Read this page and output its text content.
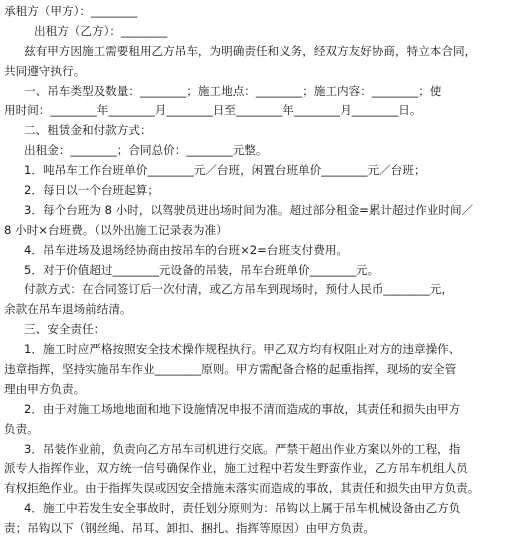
承租方（甲方）：________
出租方（乙方）：________
兹有甲方因施工需要租用乙方吊车，为明确责任和义务，经双方友好协商，特立本合同，
共同遵守执行。
一、吊车类型及数量：________；施工地点：________；施工内容：________；使
用时间：________年________月________日至________年________月________日。
二、租赁金和付款方式：
出租金：________；合同总价：________元整。
1．吨吊车工作台班单价________元／台班，闲置台班单价________元／台班；
2．每日以一个台班起算；
3．每个台班为 8 小时，以驾驶员进出场时间为准。超过部分租金=累计超过作业时间／
8 小时×台班费。（以外出施工记录表为准）
4．吊车进场及退场经协商由按吊车的台班×2=台班支付费用。
5．对于价值超过________元设备的吊装，吊车台班单价________元。
付款方式：在合同签订后一次付清，或乙方吊车到现场时，预付人民币________元，
余款在吊车退场前结清。
三、安全责任：
1．施工时应严格按照安全技术操作规程执行。甲乙双方均有权阻止对方的违章操作、
违章指挥，坚持实施吊车作业________原则。甲方需配备合格的起重指挥，现场的安全管
理由甲方负责。
2．由于对施工场地地面和地下设施情况申报不清而造成的事故，其责任和损失由甲方
负责。
3．吊装作业前，负责向乙方吊车司机进行交底。严禁干超出作业方案以外的工程，指
派专人指挥作业，双方统一信号确保作业，施工过程中若发生野蛮作业，乙方吊车机组人员
有权拒绝作业。由于指挥失误或因安全措施未落实而造成的事故，其责任和损失由甲方负责。
4．施工中若发生安全事故时，责任划分原则为：吊钩以上属于吊车机械设备由乙方负
责；吊钩以下（钢丝绳、吊耳、卸扣、捆扎、指挥等原因）由甲方负责。
